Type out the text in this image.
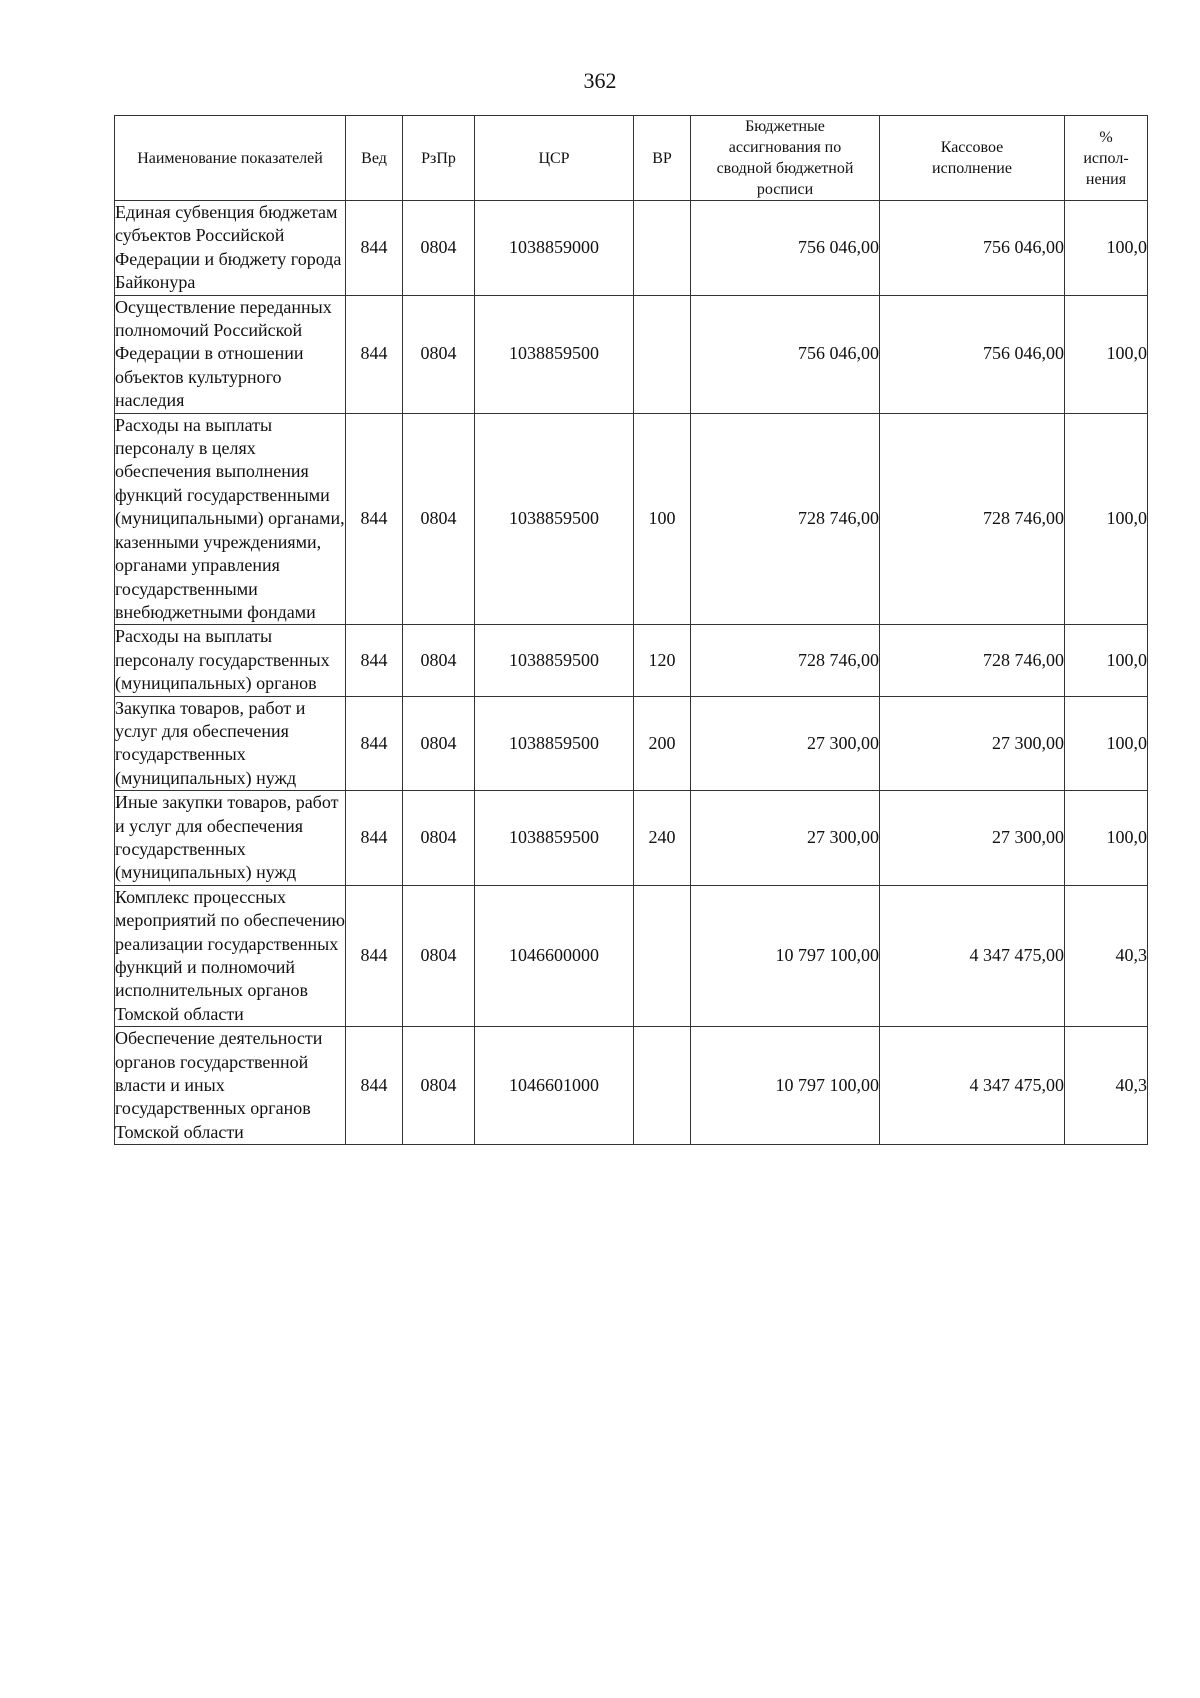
362
Наименование показателей	Вед	РзПр	ЦСР	ВР	Бюджетные ассигнования по сводной бюджетной росписи	Кассовое исполнение	% испол-нения
Единая субвенция бюджетам субъектов Российской Федерации и бюджету города Байконура	844	0804	1038859000		756 046,00	756 046,00	100,0
Осуществление переданных полномочий Российской Федерации в отношении объектов культурного наследия	844	0804	1038859500		756 046,00	756 046,00	100,0
Расходы на выплаты персоналу в целях обеспечения выполнения функций государственными (муниципальными) органами, казенными учреждениями, органами управления государственными внебюджетными фондами	844	0804	1038859500	100	728 746,00	728 746,00	100,0
Расходы на выплаты персоналу государственных (муниципальных) органов	844	0804	1038859500	120	728 746,00	728 746,00	100,0
Закупка товаров, работ и услуг для обеспечения государственных (муниципальных) нужд	844	0804	1038859500	200	27 300,00	27 300,00	100,0
Иные закупки товаров, работ и услуг для обеспечения государственных (муниципальных) нужд	844	0804	1038859500	240	27 300,00	27 300,00	100,0
Комплекс процессных мероприятий по обеспечению реализации государственных функций и полномочий исполнительных органов Томской области	844	0804	1046600000		10 797 100,00	4 347 475,00	40,3
Обеспечение деятельности органов государственной власти и иных государственных органов Томской области	844	0804	1046601000		10 797 100,00	4 347 475,00	40,3
